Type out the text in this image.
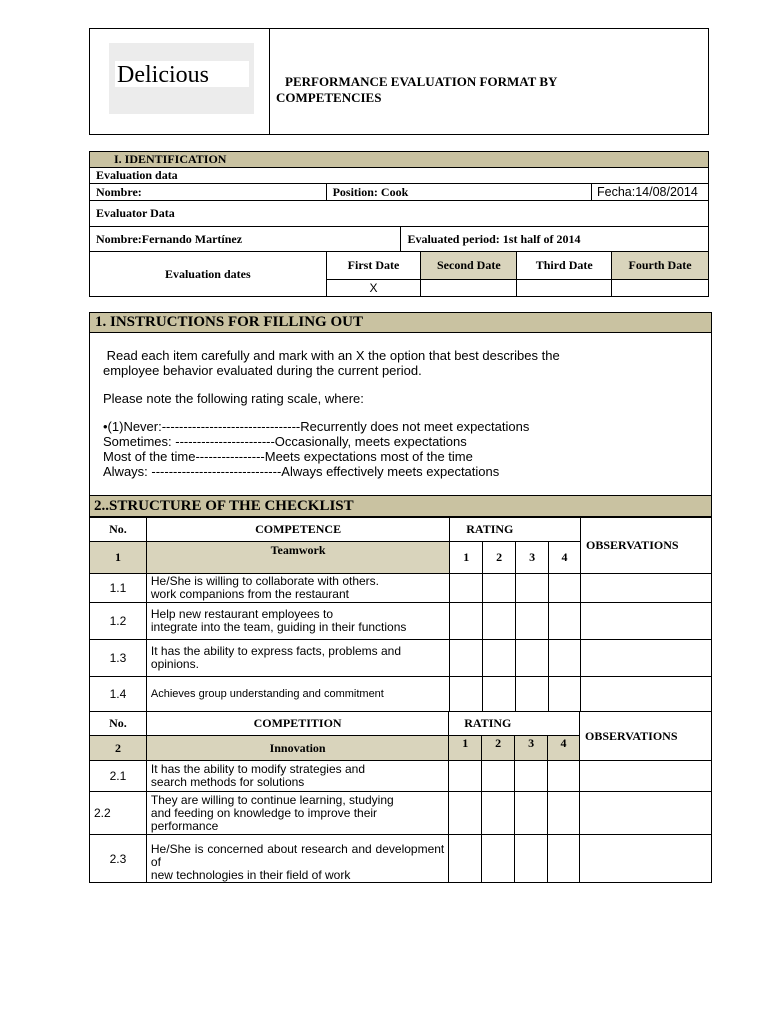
Delicious	PERFORMANCE EVALUATION FORMAT BY
COMPETENCIES
I. IDENTIFICATION			
Evaluation data			
Nombre:	Position: Cook		Fecha:14/08/2014
Evaluator Data			
Nombre:Fernando Martínez		Evaluated period: 1st half of 2014	
Evaluation dates	First Date	Second Date	Third Date	Fourth Date
	X			
1. INSTRUCTIONS FOR FILLING OUT
Read each item carefully and mark with an X the option that best describes the
employee behavior evaluated during the current period.
Please note the following rating scale, where:
•(1)Never:--------------------------------Recurrently does not meet expectations
Sometimes: -----------------------Occasionally, meets expectations
Most of the time----------------Meets expectations most of the time
Always: ------------------------------Always effectively meets expectations
2..STRUCTURE OF THE CHECKLIST
No.	COMPETENCE	RATING				OBSERVATIONS
1	Teamwork	1	2	3	4	
1.1	He/She is willing to collaborate with others.
work companions from the restaurant					
1.2	Help new restaurant employees to
integrate into the team, guiding in their functions					
1.3	It has the ability to express facts, problems and
opinions.					
1.4	Achieves group understanding and commitment					
No.	COMPETITION	RATING				OBSERVATIONS
2	Innovation	1	2	3	4	
2.1	It has the ability to modify strategies and
search methods for solutions					
2.2	They are willing to continue learning, studying
and feeding on knowledge to improve their
performance					
2.3	He/She is concerned about research and development of
new technologies in their field of work					
